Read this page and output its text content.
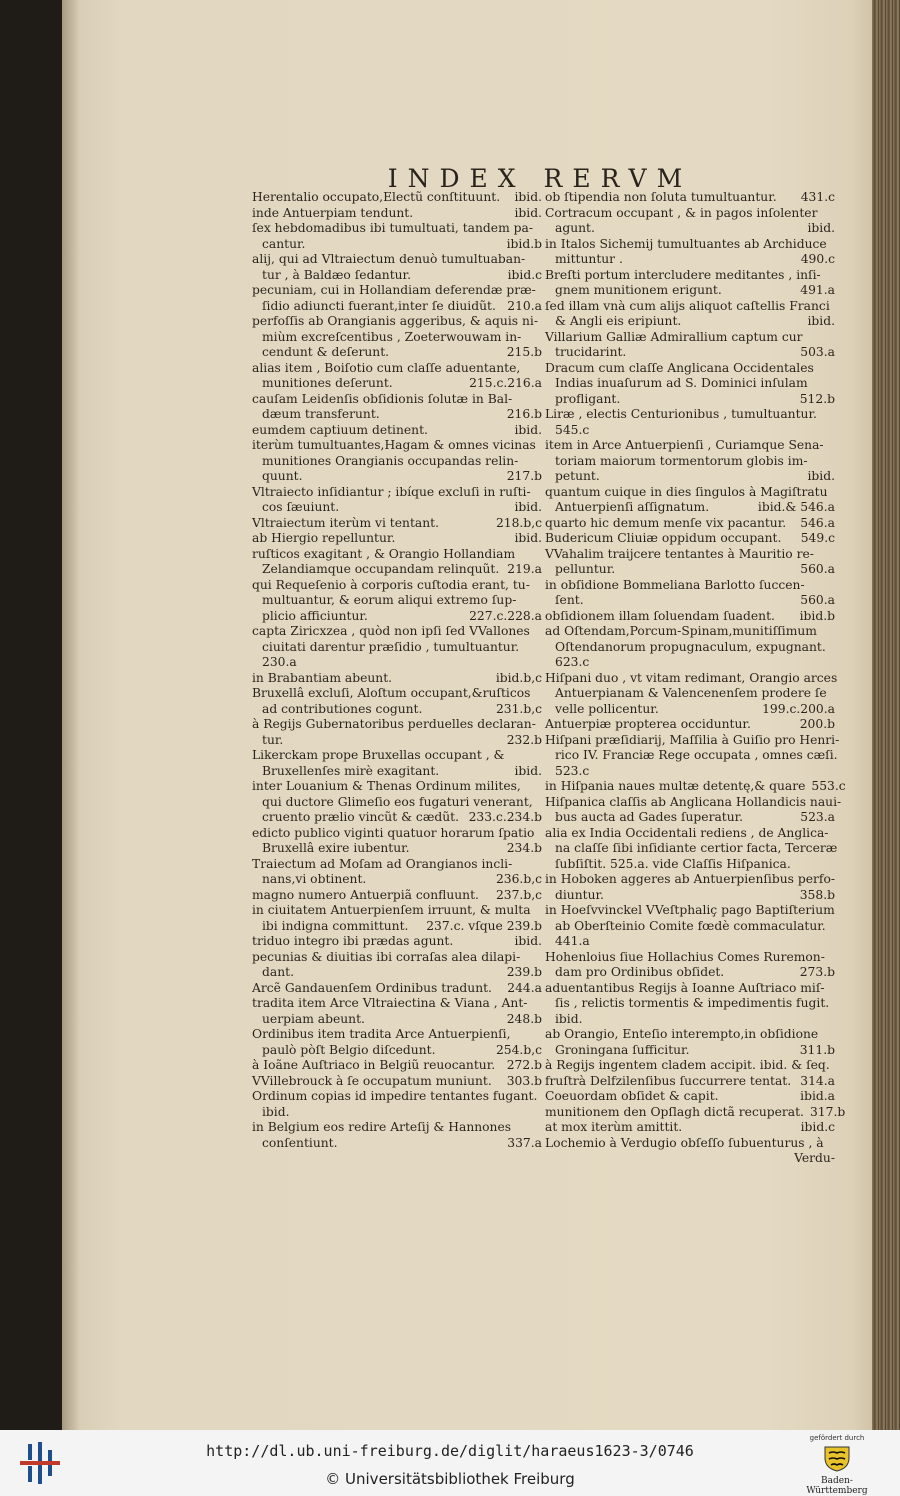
INDEX RERVM
Herentalio occupato,Electũ conſtituunt. ibid.
inde Antuerpiam tendunt.	ibid.
ſex hebdomadibus ibi tumultuati, tandem pa-
cantur.	ibid.b
alij, qui ad Vltraiectum denuò tumultuaban-
tur , à Baldæo ſedantur.	ibid.c
pecuniam, cui in Hollandiam deferendæ præ-
ſidio adiuncti fuerant,inter ſe diuidũt. 210.a
perfoſſis ab Orangianis aggeribus, & aquis ni-
miùm excreſcentibus , Zoeterwouwam in-
cendunt & deſerunt.	215.b
alias item , Boiſotio cum claſſe aduentante,
munitiones deſerunt.	215.c.216.a
cauſam Leidenſis obſidionis ſolutæ in Bal-
dæum transferunt.	216.b
eumdem captiuum detinent.	ibid.
iterùm tumultuantes,Hagam & omnes vicinas
munitiones Orangianis occupandas relin-
quunt.	217.b
Vltraiecto inſidiantur ; ibíque excluſi in ruſti-
cos ſæuiunt.	ibid.
Vltraiectum iterùm vi tentant.	218.b,c
ab Hiergio repelluntur.	ibid.
ruſticos exagitant , & Orangio Hollandiam
Zelandiamque occupandam relinquũt. 219.a
qui Requeſenio à corporis cuſtodia erant, tu-
multuantur, & eorum aliqui extremo ſup-
plicio afficiuntur.	227.c.228.a
capta Ziricxzea , quòd non ipſi ſed VVallones
ciuitati darentur præſidio , tumultuantur.
230.a
in Brabantiam abeunt.	ibid.b,c
Bruxellâ excluſi, Aloſtum occupant,&ruſticos
ad contributiones cogunt.	231.b,c
à Regijs Gubernatoribus perduelles declaran-
tur.	232.b
Likerckam prope Bruxellas occupant , &
Bruxellenſes mirè exagitant.	ibid.
inter Louanium & Thenas Ordinum milites,
qui ductore Glimeſio eos fugaturi venerant,
cruento prælio vincũt & cædũt. 233.c.234.b
edicto publico viginti quatuor horarum ſpatio
Bruxellâ exire iubentur.	234.b
Traiectum ad Moſam ad Orangianos incli-
nans,vi obtinent.	236.b,c
magno numero Antuerpiã confluunt. 237.b,c
in ciuitatem Antuerpienſem irruunt, & multa
ibi indigna committunt. 237.c. vſque 239.b
triduo integro ibi prædas agunt.	ibid.
pecunias & diuitias ibi corraſas alea dilapi-
dant.	239.b
Arcẽ Gandauenſem Ordinibus tradunt. 244.a
tradita item Arce Vltraiectina & Viana , Ant-
uerpiam abeunt.	248.b
Ordinibus item tradita Arce Antuerpienſi,
paulò pòſt Belgio diſcedunt.	254.b,c
à Ioãne Auſtriaco in Belgiũ reuocantur. 272.b
VVillebrouck à ſe occupatum muniunt. 303.b
Ordinum copias id impedire tentantes fugant.
ibid.
in Belgium eos redire Arteſij & Hannones
conſentiunt.	337.a
ob ſtipendia non ſoluta tumultuantur. 431.c
Cortracum occupant , & in pagos inſolenter
agunt.	ibid.
in Italos Sichemij tumultuantes ab Archiduce
mittuntur .	490.c
Breſti portum intercludere meditantes , inſi-
gnem munitionem erigunt.	491.a
ſed illam vnà cum alijs aliquot caſtellis Franci
& Angli eis eripiunt.	ibid.
Villarium Galliæ Admirallium captum cur
trucidarint.	503.a
Dracum cum claſſe Anglicana Occidentales
Indias inuaſurum ad S. Dominici inſulam
profligant.	512.b
Liræ , electis Centurionibus , tumultuantur.
545.c
item in Arce Antuerpienſi , Curiamque Sena-
toriam maiorum tormentorum globis im-
petunt.	ibid.
quantum cuique in dies ſingulos à Magiſtratu
Antuerpienſi aſſignatum.	ibid.& 546.a
quarto hic demum menſe vix pacantur. 546.a
Budericum Cliuiæ oppidum occupant. 549.c
VVahalim traijcere tentantes à Mauritio re-
pelluntur.	560.a
in obſidione Bommeliana Barlotto ſuccen-
ſent.	560.a
obſidionem illam ſoluendam ſuadent. ibid.b
ad Oſtendam,Porcum-Spinam,munitiſſimum
Oſtendanorum propugnaculum, expugnant.
623.c
Hiſpani duo , vt vitam redimant, Orangio arces
Antuerpianam & Valencenenſem prodere ſe
velle pollicentur.	199.c.200.a
Antuerpiæ propterea occiduntur.	200.b
Hiſpani præſidiarij, Maſſilia à Guiſio pro Henri-
rico IV. Franciæ Rege occupata , omnes cæſi.
523.c
in Hiſpania naues multæ detentę,& quare 553.c
Hiſpanica claſſis ab Anglicana Hollandicis naui-
bus aucta ad Gades ſuperatur.	523.a
alia ex India Occidentali rediens , de Anglica-
na claſſe ſibi inſidiante certior facta, Terceræ
ſubſiſtit. 525.a. vide Claſſis Hiſpanica.
in Hoboken aggeres ab Antuerpienſibus perfo-
diuntur.	358.b
in Hoeſvvinckel VVeſtphaliç pago Baptiſterium
ab Oberſteinio Comite fœdè commaculatur.
441.a
Hohenloius ſiue Hollachius Comes Ruremon-
dam pro Ordinibus obſidet.	273.b
aduentantibus Regijs à Ioanne Auſtriaco miſ-
ſis , relictis tormentis & impedimentis fugit.
ibid.
ab Orangio, Enteſio interempto,in obſidione
Groningana ſufficitur.	311.b
à Regijs ingentem cladem accipit. ibid. & ſeq.
fruſtrà Delfzilenſibus ſuccurrere tentat. 314.a
Coeuordam obſidet & capit.	ibid.a
munitionem den Opſlagh dictã recuperat. 317.b
at mox iterùm amittit.	ibid.c
Lochemio à Verdugio obſeſſo ſubuenturus , à
Verdu-
http://dl.ub.uni-freiburg.de/diglit/haraeus1623-3/0746
© Universitätsbibliothek Freiburg
gefördert durch
Baden-Württemberg
